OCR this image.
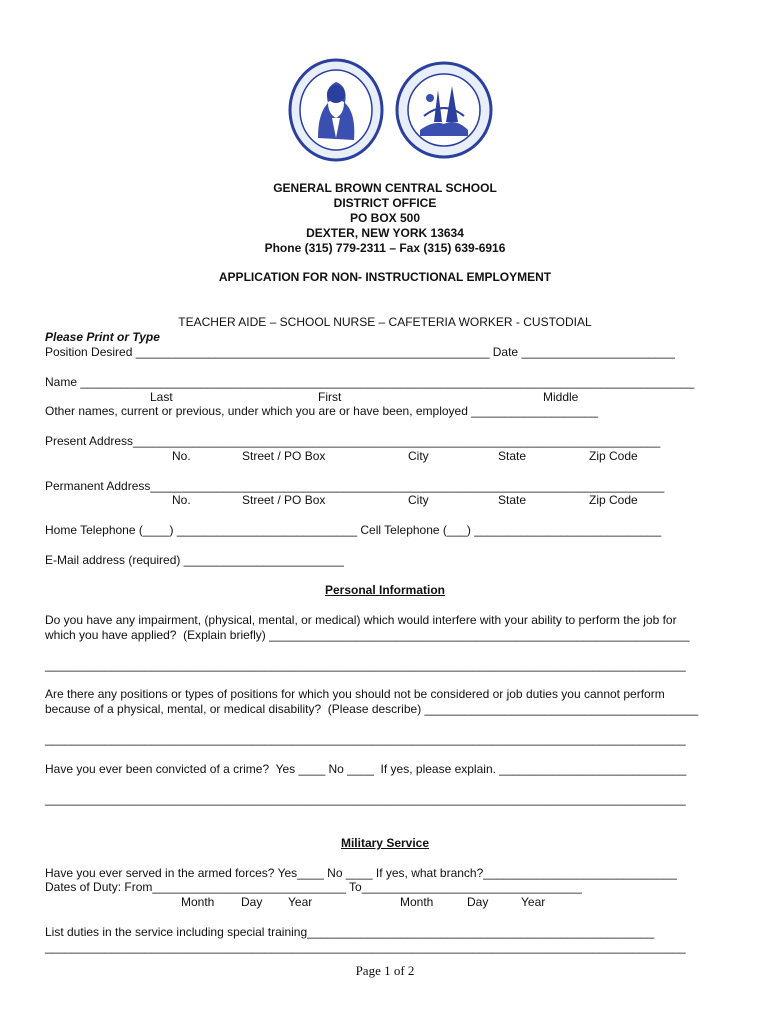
GENERAL BROWN CENTRAL SCHOOL
DISTRICT OFFICE
PO BOX 500
DEXTER, NEW YORK 13634
Phone (315) 779-2311 – Fax (315) 639-6916
APPLICATION FOR NON- INSTRUCTIONAL EMPLOYMENT
TEACHER AIDE – SCHOOL NURSE – CAFETERIA WORKER - CUSTODIAL
Please Print or Type
Position Desired _____________________________________________________ Date _______________________
Name ____________________________________________________________________________________________
Last	First	Middle
Other names, current or previous, under which you are or have been, employed ___________________
Present Address_______________________________________________________________________________
No.	Street / PO Box	City	State	Zip Code
Permanent Address_____________________________________________________________________________
No.	Street / PO Box	City	State	Zip Code
Home Telephone (____) ___________________________ Cell Telephone (___) ____________________________
E-Mail address (required) ________________________
Personal Information
Do you have any impairment, (physical, mental, or medical) which would interfere with your ability to perform the job for
which you have applied?  (Explain briefly) _______________________________________________________________
________________________________________________________________________________________________
Are there any positions or types of positions for which you should not be considered or job duties you cannot perform
because of a physical, mental, or medical disability?  (Please describe) _________________________________________
________________________________________________________________________________________________
Have you ever been convicted of a crime?  Yes ____ No ____  If yes, please explain. ____________________________
________________________________________________________________________________________________
Military Service
Have you ever served in the armed forces? Yes____ No ____ If yes, what branch?_____________________________
Dates of Duty: From_____________________________ To_________________________________
Month Day Year	Month	Day	Year
List duties in the service including special training____________________________________________________
________________________________________________________________________________________________
Page 1 of 2
